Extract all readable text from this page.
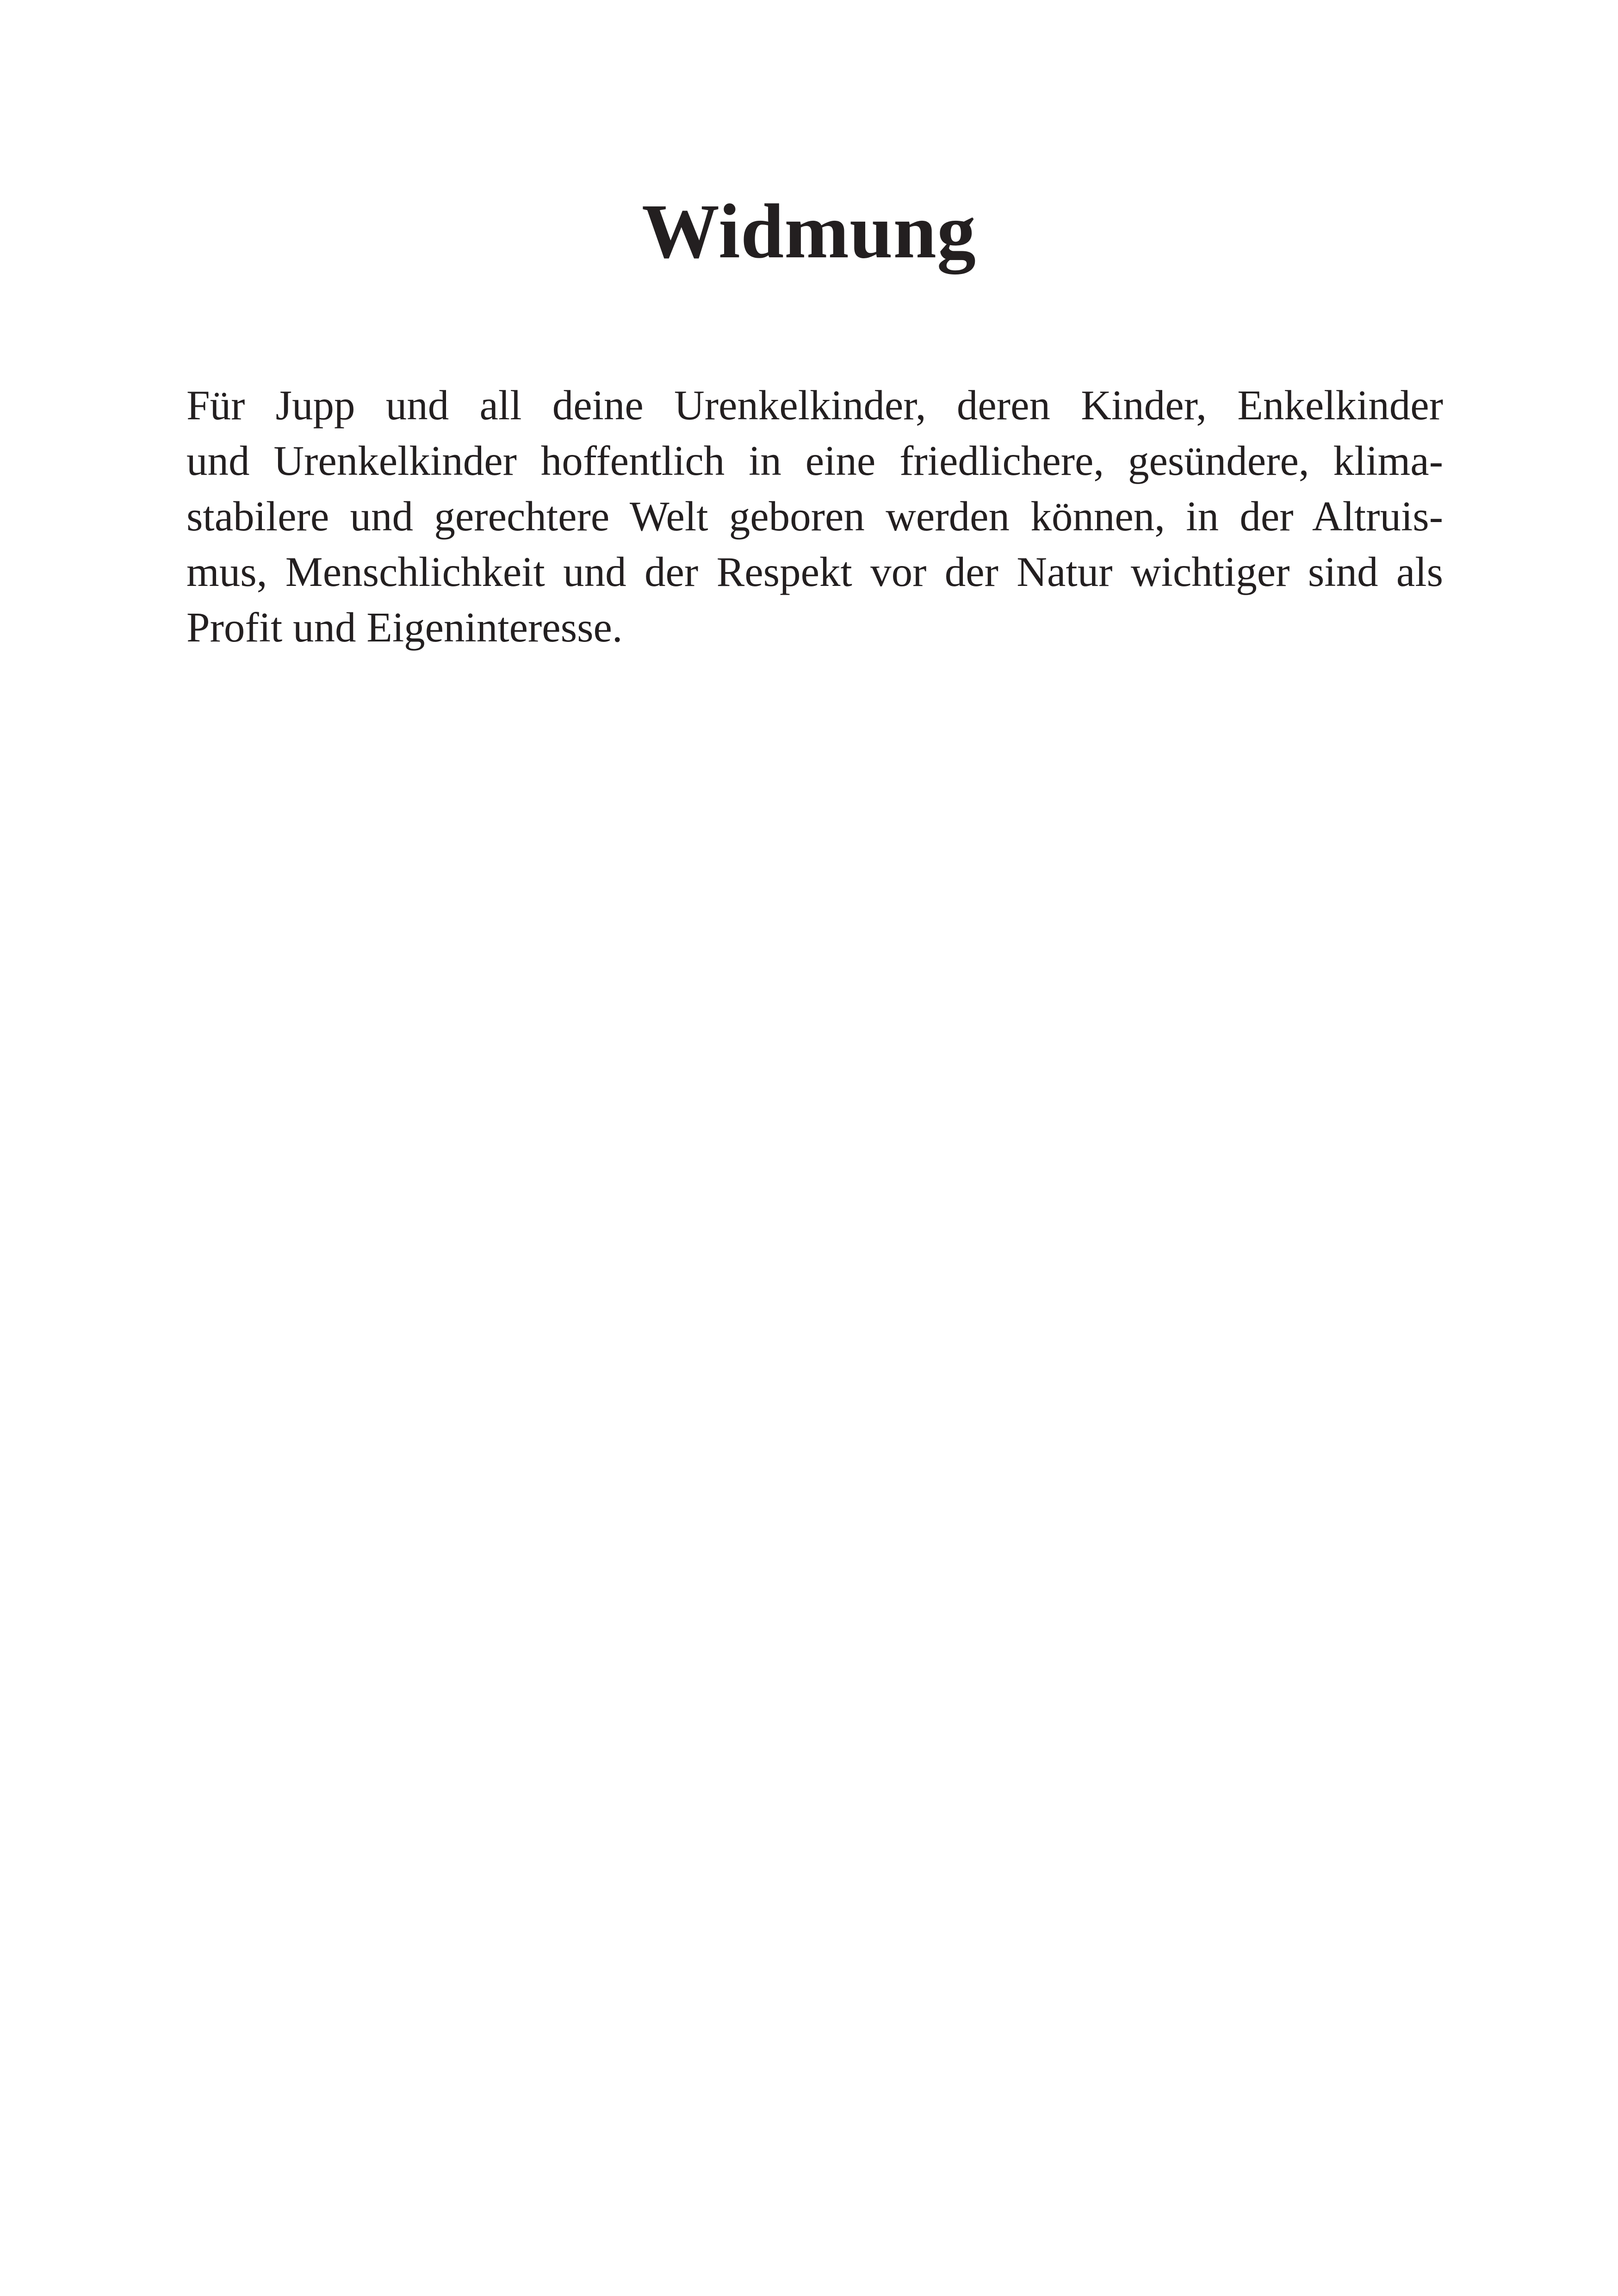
Widmung
Für Jupp und all deine Urenkelkinder, deren Kinder, Enkelkinder
und Urenkelkinder hoffentlich in eine friedlichere, gesündere, klima-
stabilere und gerechtere Welt geboren werden können, in der Altruis-
mus, Menschlichkeit und der Respekt vor der Natur wichtiger sind als
Profit und Eigeninteresse.
